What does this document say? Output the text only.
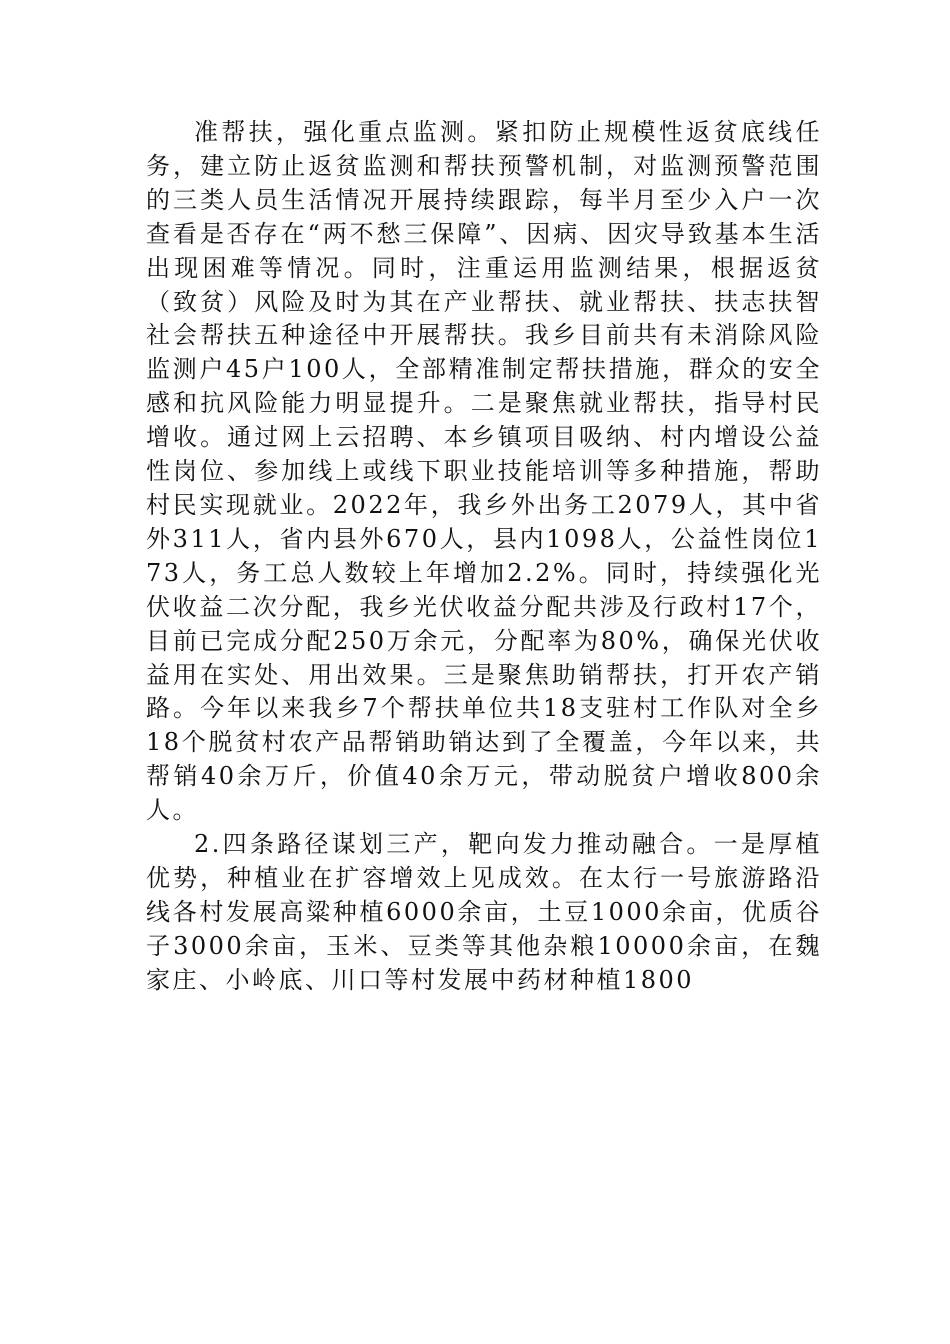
准帮扶，强化重点监测。紧扣防止规模性返贫底线任务，建立防止返贫监测和帮扶预警机制，对监测预警范围的三类人员生活情况开展持续跟踪，每半月至少入户一次查看是否存在“两不愁三保障”、因病、因灾导致基本生活出现困难等情况。同时，注重运用监测结果，根据返贫（致贫）风险及时为其在产业帮扶、就业帮扶、扶志扶智社会帮扶五种途径中开展帮扶。我乡目前共有未消除风险监测户45户100人，全部精准制定帮扶措施，群众的安全感和抗风险能力明显提升。二是聚焦就业帮扶，指导村民增收。通过网上云招聘、本乡镇项目吸纳、村内增设公益性岗位、参加线上或线下职业技能培训等多种措施，帮助村民实现就业。2022年，我乡外出务工2079人，其中省外311人，省内县外670人，县内1098人，公益性岗位173人，务工总人数较上年增加2.2%。同时，持续强化光伏收益二次分配，我乡光伏收益分配共涉及行政村17个，目前已完成分配250万余元，分配率为80%，确保光伏收益用在实处、用出效果。三是聚焦助销帮扶，打开农产销路。今年以来我乡7个帮扶单位共18支驻村工作队对全乡18个脱贫村农产品帮销助销达到了全覆盖，今年以来，共帮销40余万斤，价值40余万元，带动脱贫户增收800余人。

2.四条路径谋划三产，靶向发力推动融合。一是厚植优势，种植业在扩容增效上见成效。在太行一号旅游路沿线各村发展高粱种植6000余亩，土豆1000余亩，优质谷子3000余亩，玉米、豆类等其他杂粮10000余亩，在魏家庄、小岭底、川口等村发展中药材种植1800
